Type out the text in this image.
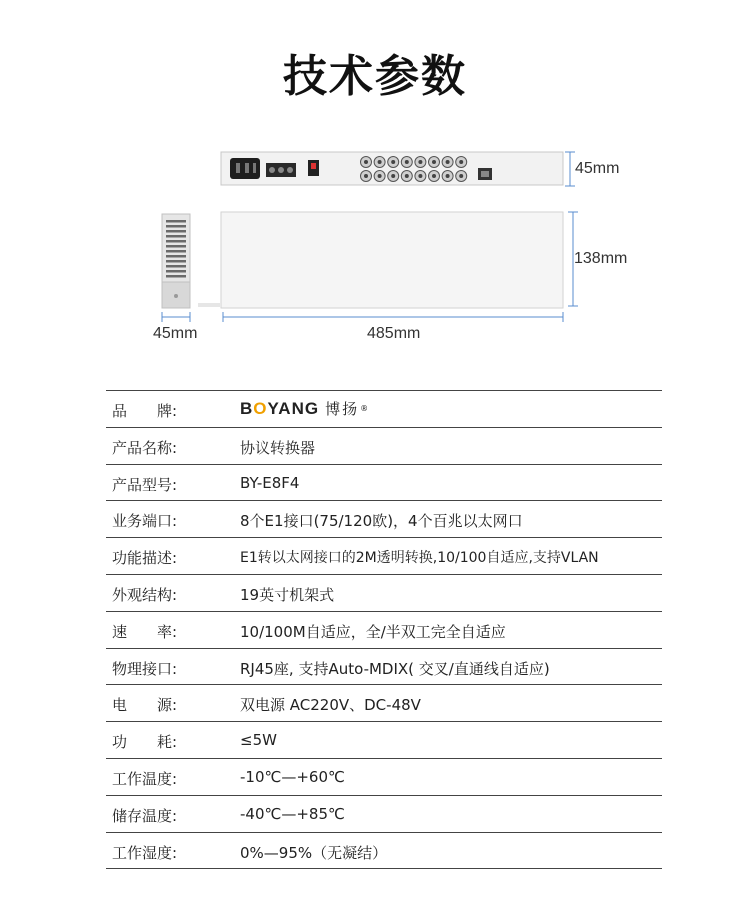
技术参数
45mm
138mm
45mm	485mm
品　　牌:	BOYANG 博扬 ®
产品名称:	协议转换器
产品型号:	BY-E8F4
业务端口:	8个E1接口(75/120欧)，4个百兆以太网口
功能描述:	E1转以太网接口的2M透明转换,10/100自适应,支持VLAN
外观结构:	19英寸机架式
速　　率:	10/100M自适应，全/半双工完全自适应
物理接口:	RJ45座, 支持Auto-MDIX( 交叉/直通线自适应)
电　　源:	双电源 AC220V、DC-48V
功　　耗:	≤5W
工作温度:	-10℃—+60℃
储存温度:	-40℃—+85℃
工作湿度:	0%—95%（无凝结）
